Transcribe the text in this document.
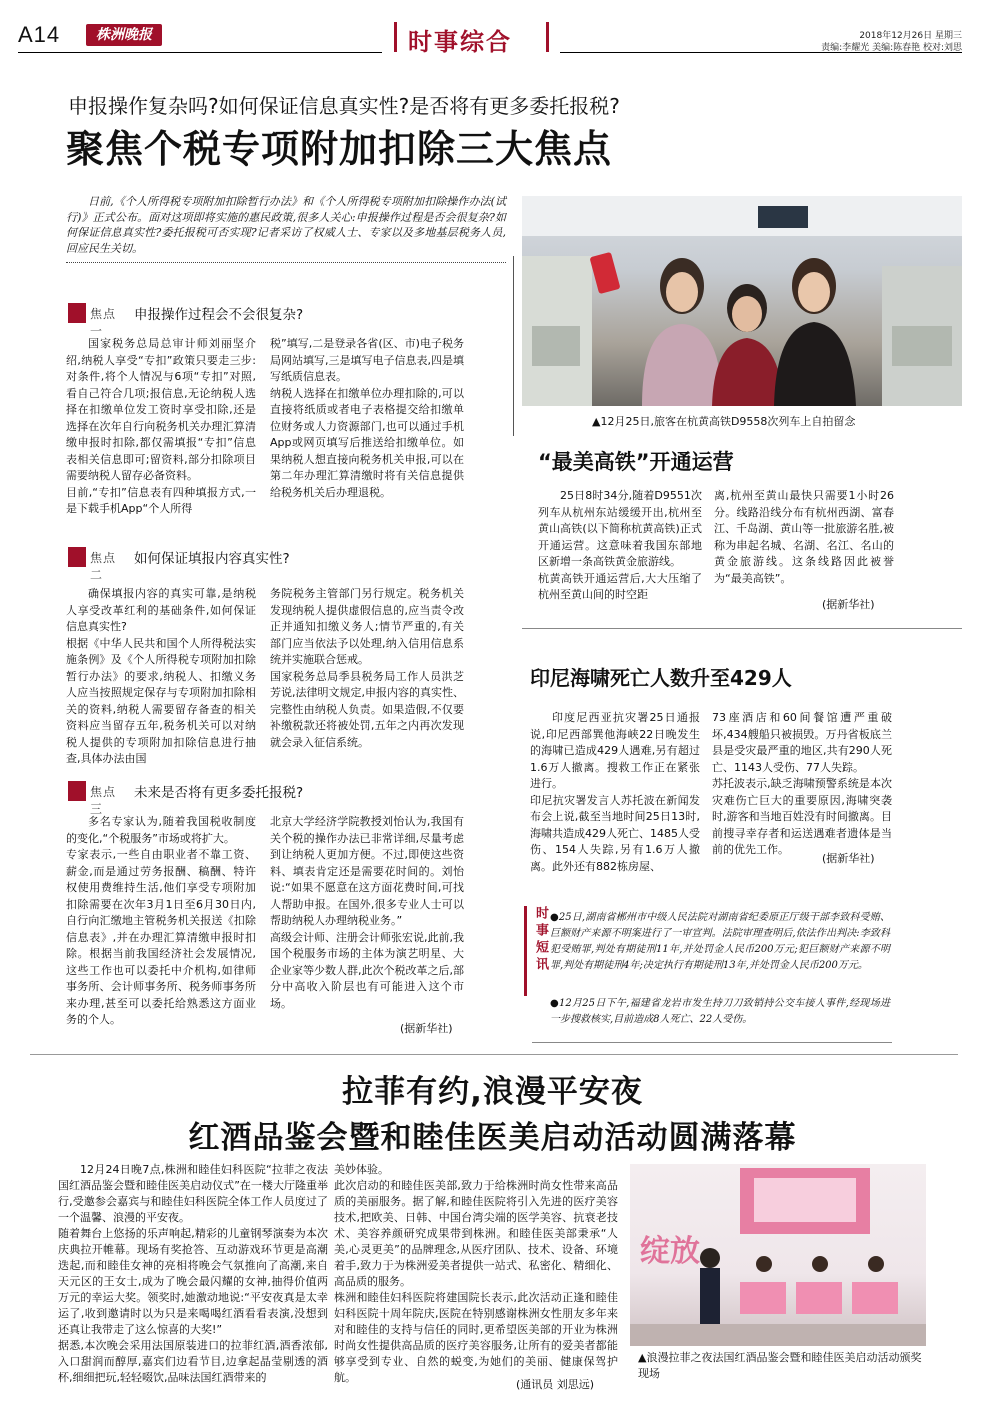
A14	株洲晚报	时事综合	2018年12月26日 星期三
责编:李耀光 美编:陈春艳 校对:刘思
申报操作复杂吗?如何保证信息真实性?是否将有更多委托报税?
聚焦个税专项附加扣除三大焦点
日前,《个人所得税专项附加扣除暂行办法》和《个人所得税专项附加扣除操作办法(试行)》正式公布。面对这项即将实施的惠民政策,很多人关心:申报操作过程是否会很复杂?如何保证信息真实性?委托报税可否实现?记者采访了权威人士、专家以及多地基层税务人员,回应民生关切。
焦点一
申报操作过程会不会很复杂?
国家税务总局总审计师刘丽坚介绍,纳税人享受“专扣”政策只要走三步:对条件,将个人情况与6项“专扣”对照,看自己符合几项;报信息,无论纳税人选择在扣缴单位发工资时享受扣除,还是选择在次年自行向税务机关办理汇算清缴申报时扣除,都仅需填报“专扣”信息表相关信息即可;留资料,部分扣除项目需要纳税人留存必备资料。
目前,“专扣”信息表有四种填报方式,一是下载手机App“个人所得
税”填写,二是登录各省(区、市)电子税务局网站填写,三是填写电子信息表,四是填写纸质信息表。
纳税人选择在扣缴单位办理扣除的,可以直接将纸质或者电子表格提交给扣缴单位财务或人力资源部门,也可以通过手机App或网页填写后推送给扣缴单位。如果纳税人想直接向税务机关申报,可以在第二年办理汇算清缴时将有关信息提供给税务机关后办理退税。
焦点二
如何保证填报内容真实性?
确保填报内容的真实可靠,是纳税人享受改革红利的基础条件,如何保证信息真实性?
根据《中华人民共和国个人所得税法实施条例》及《个人所得税专项附加扣除暂行办法》的要求,纳税人、扣缴义务人应当按照规定保存与专项附加扣除相关的资料,纳税人需要留存备查的相关资料应当留存五年,税务机关可以对纳税人提供的专项附加扣除信息进行抽查,具体办法由国
务院税务主管部门另行规定。税务机关发现纳税人提供虚假信息的,应当责令改正并通知扣缴义务人;情节严重的,有关部门应当依法予以处理,纳入信用信息系统并实施联合惩戒。
国家税务总局季县税务局工作人员洪芝芳说,法律明文规定,申报内容的真实性、完整性由纳税人负责。如果造假,不仅要补缴税款还将被处罚,五年之内再次发现就会录入征信系统。
焦点三
未来是否将有更多委托报税?
多名专家认为,随着我国税收制度的变化,“个税服务”市场或将扩大。
专家表示,一些自由职业者不靠工资、薪金,而是通过劳务报酬、稿酬、特许权使用费维持生活,他们享受专项附加扣除需要在次年3月1日至6月30日内,自行向汇缴地主管税务机关报送《扣除信息表》,并在办理汇算清缴申报时扣除。根据当前我国经济社会发展情况,这些工作也可以委托中介机构,如律师事务所、会计师事务所、税务师事务所来办理,甚至可以委托给熟悉这方面业务的个人。
北京大学经济学院教授刘怡认为,我国有关个税的操作办法已非常详细,尽量考虑到让纳税人更加方便。不过,即使这些资料、填表肯定还是需要花时间的。刘怡说:“如果不愿意在这方面花费时间,可找人帮助申报。在国外,很多专业人士可以帮助纳税人办理纳税业务。”
高级会计师、注册会计师张宏说,此前,我国个税服务市场的主体为演艺明星、大企业家等少数人群,此次个税改革之后,部分中高收入阶层也有可能进入这个市场。
(据新华社)
▲12月25日,旅客在杭黄高铁D9558次列车上自拍留念
“最美高铁”开通运营
25日8时34分,随着D9551次列车从杭州东站缓缓开出,杭州至黄山高铁(以下简称杭黄高铁)正式开通运营。这意味着我国东部地区新增一条高铁黄金旅游线。
杭黄高铁开通运营后,大大压缩了杭州至黄山间的时空距
离,杭州至黄山最快只需要1小时26分。线路沿线分布有杭州西湖、富春江、千岛湖、黄山等一批旅游名胜,被称为串起名城、名湖、名江、名山的黄金旅游线。这条线路因此被誉为“最美高铁”。
(据新华社)
印尼海啸死亡人数升至429人
印度尼西亚抗灾署25日通报说,印尼西部巽他海峡22日晚发生的海啸已造成429人遇难,另有超过1.6万人撤离。搜救工作正在紧张进行。
印尼抗灾署发言人苏托波在新闻发布会上说,截至当地时间25日13时,海啸共造成429人死亡、1485人受伤、154人失踪,另有1.6万人撤离。此外还有882栋房屋、
73座酒店和60间餐馆遭严重破坏,434艘船只被损毁。万丹省板底兰县是受灾最严重的地区,共有290人死亡、1143人受伤、77人失踪。
苏托波表示,缺乏海啸预警系统是本次灾难伤亡巨大的重要原因,海啸突袭时,游客和当地百姓没有时间撤离。目前搜寻幸存者和运送遇难者遗体是当前的优先工作。
(据新华社)
时事短讯 ●25日,湖南省郴州市中级人民法院对湖南省纪委原正厅级干部李致科受贿、巨额财产来源不明案进行了一审宣判。法院审理查明后,依法作出判决:李致科犯受贿罪,判处有期徒刑11年,并处罚金人民币200万元;犯巨额财产来源不明罪,判处有期徒刑4年;决定执行有期徒刑13年,并处罚金人民币200万元。
●12月25日下午,福建省龙岩市发生持刀刀致销持公交车接人事件,经现场进一步搜救核实,目前造成8人死亡、22人受伤。
拉菲有约,浪漫平安夜
红酒品鉴会暨和睦佳医美启动活动圆满落幕
12月24日晚7点,株洲和睦佳妇科医院“拉菲之夜法国红酒品鉴会暨和睦佳医美启动仪式”在一楼大厅隆重举行,受邀参会嘉宾与和睦佳妇科医院全体工作人员度过了一个温馨、浪漫的平安夜。
随着舞台上悠扬的乐声响起,精彩的儿童钢琴演奏为本次庆典拉开帷幕。现场有奖抢答、互动游戏环节更是高潮迭起,而和睦佳女神的亮相将晚会气氛推向了高潮,来自天元区的王女士,成为了晚会最闪耀的女神,抽得价值两万元的幸运大奖。领奖时,她激动地说:“平安夜真是太幸运了,收到邀请时以为只是来喝喝红酒看看表演,没想到还真让我带走了这么惊喜的大奖!”
据悉,本次晚会采用法国原装进口的拉菲红酒,酒香浓郁,入口甜润而醇厚,嘉宾们边看节目,边拿起晶莹剔透的酒杯,细细把玩,轻轻啜饮,品味法国红酒带来的
美妙体验。
此次启动的和睦佳医美部,致力于给株洲时尚女性带来高品质的美丽服务。据了解,和睦佳医院将引入先进的医疗美容技术,把欧美、日韩、中国台湾尖端的医学美容、抗衰老技术、美容养颜研究成果带到株洲。和睦佳医美部秉承“人美,心灵更美”的品牌理念,从医疗团队、技术、设备、环境着手,致力于为株洲爱美者提供一站式、私密化、精细化、高品质的服务。
株洲和睦佳妇科医院将建国院长表示,此次活动正逢和睦佳妇科医院十周年院庆,医院在特别感谢株洲女性朋友多年来对和睦佳的支持与信任的同时,更希望医美部的开业为株洲时尚女性提供高品质的医疗美容服务,让所有的爱美者都能够享受到专业、自然的蜕变,为她们的美丽、健康保驾护航。
(通讯员 刘思远)
绽放
▲浪漫拉菲之夜法国红酒品鉴会暨和睦佳医美启动活动颁奖现场
